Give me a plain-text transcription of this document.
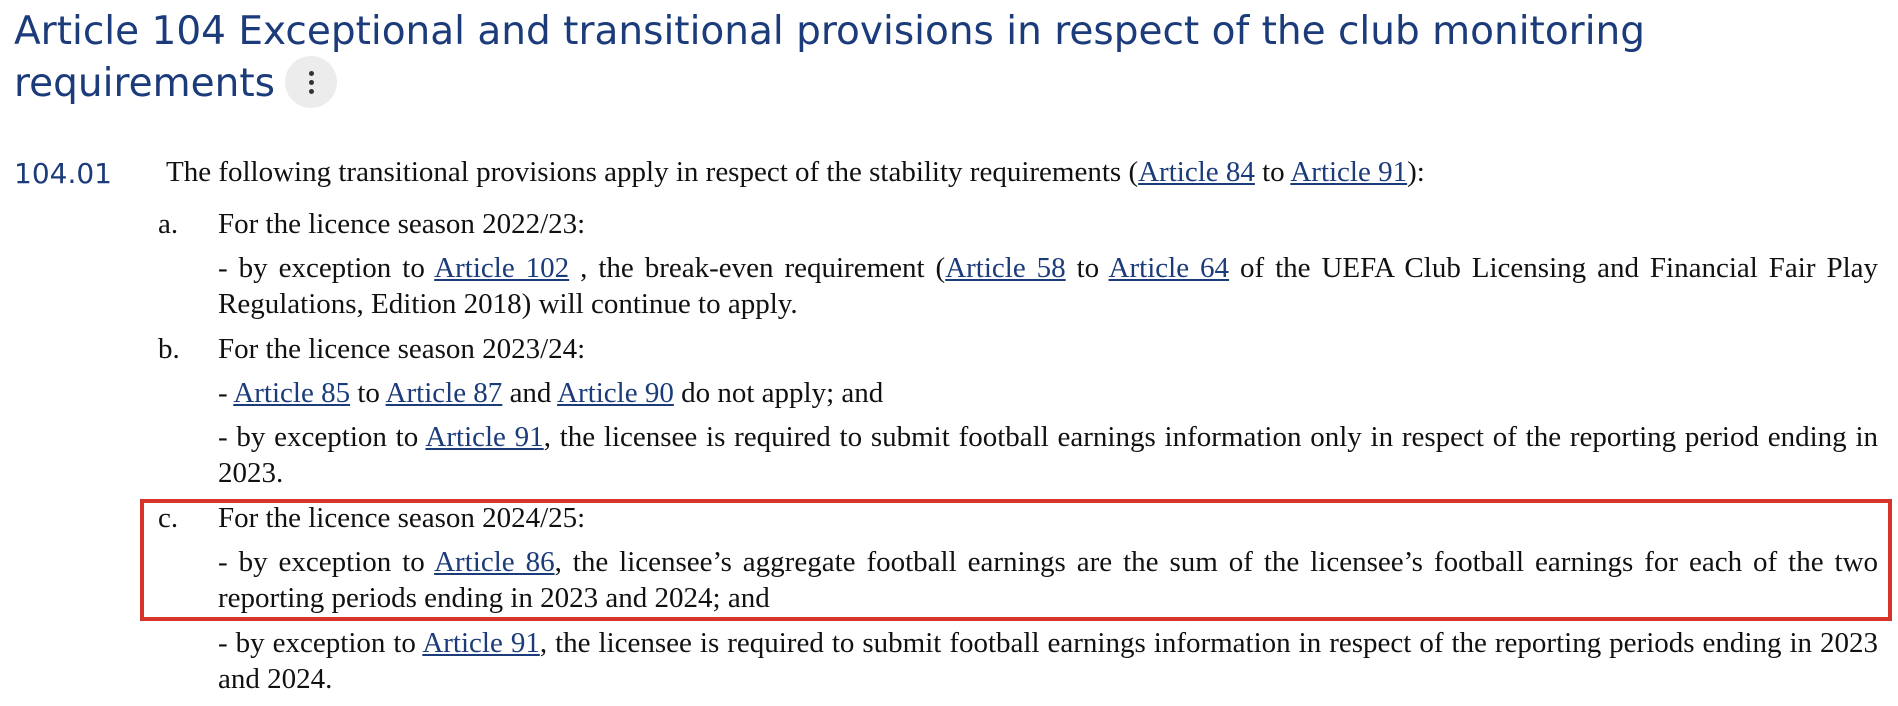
Article 104 Exceptional and transitional provisions in respect of the club monitoring requirements
104.01 The following transitional provisions apply in respect of the stability requirements (Article 84 to Article 91):
a. For the licence season 2022/23:
- by exception to Article 102 , the break-even requirement (Article 58 to Article 64 of the UEFA Club Licensing and Financial Fair Play Regulations, Edition 2018) will continue to apply.
b. For the licence season 2023/24:
- Article 85 to Article 87 and Article 90 do not apply; and
- by exception to Article 91, the licensee is required to submit football earnings information only in respect of the reporting period ending in 2023.
c. For the licence season 2024/25:
- by exception to Article 86, the licensee’s aggregate football earnings are the sum of the licensee’s football earnings for each of the two reporting periods ending in 2023 and 2024; and
- by exception to Article 91, the licensee is required to submit football earnings information in respect of the reporting periods ending in 2023 and 2024.
